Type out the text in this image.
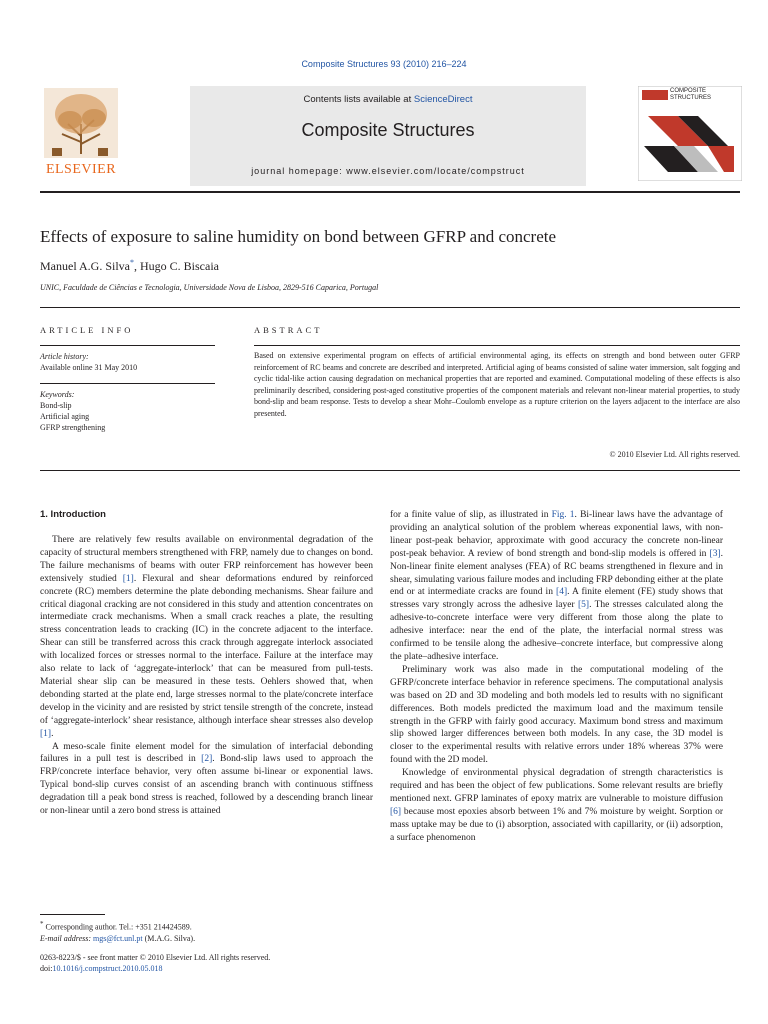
Composite Structures 93 (2010) 216–224
Contents lists available at ScienceDirect
Composite Structures
journal homepage: www.elsevier.com/locate/compstruct
ELSEVIER
COMPOSITE
STRUCTURES
Effects of exposure to saline humidity on bond between GFRP and concrete
Manuel A.G. Silva*, Hugo C. Biscaia
UNIC, Faculdade de Ciências e Tecnologia, Universidade Nova de Lisboa, 2829-516 Caparica, Portugal
ARTICLE INFO
Article history:
Available online 31 May 2010
Keywords:
Bond-slip
Artificial aging
GFRP strengthening
ABSTRACT
Based on extensive experimental program on effects of artificial environmental aging, its effects on strength and bond between outer GFRP reinforcement of RC beams and concrete are described and interpreted. Artificial aging of beams consisted of saline water immersion, salt fogging and cyclic tidal-like action causing degradation on mechanical properties that are reported and examined. Computational modeling of these effects is also preliminarily described, considering post-aged constitutive properties of the component materials and relevant non-linear material properties, to study bond-slip and beam response. Tests to develop a shear Mohr–Coulomb envelope as a rupture criterion on the layers adjacent to the interface are also presented.
© 2010 Elsevier Ltd. All rights reserved.
1. Introduction

There are relatively few results available on environmental degradation of the capacity of structural members strengthened with FRP, namely due to changes on bond. The failure mechanisms of beams with outer FRP reinforcement has however been extensively studied [1]. Flexural and shear deformations endured by reinforced concrete (RC) members determine the plate debonding mechanisms. Shear failure and critical diagonal cracking are not considered in this study and attention concentrates on intermediate crack mechanisms. When a small crack reaches a plate, the resulting stress concentration leads to cracking (IC) in the concrete adjacent to the interface. Shear can still be transferred across this crack through aggregate interlock associated with localized forces or stresses normal to the interface. Failure at the interface may also relate to lack of ‘aggregate-interlock’ that can be measured from pull-tests. Material shear slip can be measured in these tests. Oehlers showed that, when debonding started at the plate end, large stresses normal to the plate/concrete interface develop in the vicinity and are resisted by strict tensile strength of the concrete, instead of ‘aggregate-interlock’ shear resistance, although interface shear stresses also develop [1].

A meso-scale finite element model for the simulation of interfacial debonding failures in a pull test is described in [2]. Bond-slip laws used to approach the FRP/concrete interface behavior, very often assume bi-linear or exponential laws. Typical bond-slip curves consist of an ascending branch with continuous stiffness degradation till a peak bond stress is reached, followed by a descending branch linear or non-linear until a zero bond stress is attained

for a finite value of slip, as illustrated in Fig. 1. Bi-linear laws have the advantage of providing an analytical solution of the problem whereas exponential laws, with non-linear post-peak behavior, approximate with good accuracy the concrete non-linear post-peak behavior. A review of bond strength and bond-slip models is offered in [3]. Non-linear finite element analyses (FEA) of RC beams strengthened in flexure and in shear, simulating various failure modes and including FRP debonding either at the plate end or at intermediate cracks are found in [4]. A finite element (FE) study shows that stresses vary strongly across the adhesive layer [5]. The stresses calculated along the adhesive-to-concrete interface were very different from those along the plate to adhesive interface: near the end of the plate, the interfacial normal stress was confirmed to be tensile along the adhesive–concrete interface, but compressive along the plate–adhesive interface.

Preliminary work was also made in the computational modeling of the GFRP/concrete interface behavior in reference specimens. The computational analysis was based on 2D and 3D modeling and both models led to results with no significant differences. Both models predicted the maximum load and the maximum tensile strength in the GFRP with fairly good accuracy. Maximum bond stress and maximum slip showed larger differences between both models. In any case, the 3D model is closer to the experimental results with relative errors under 18% whereas 37% were found with the 2D model.

Knowledge of environmental physical degradation of strength characteristics is required and has been the object of few publications. Some relevant results are briefly mentioned next. GFRP laminates of epoxy matrix are vulnerable to moisture diffusion [6] because most epoxies absorb between 1% and 7% moisture by weight. Sorption or mass uptake may be due to (i) absorption, associated with capillarity, or (ii) adsorption, a surface phenomenon

* Corresponding author. Tel.: +351 214424589.
E-mail address: mgs@fct.unl.pt (M.A.G. Silva).
0263-8223/$ - see front matter © 2010 Elsevier Ltd. All rights reserved.
doi:10.1016/j.compstruct.2010.05.018
